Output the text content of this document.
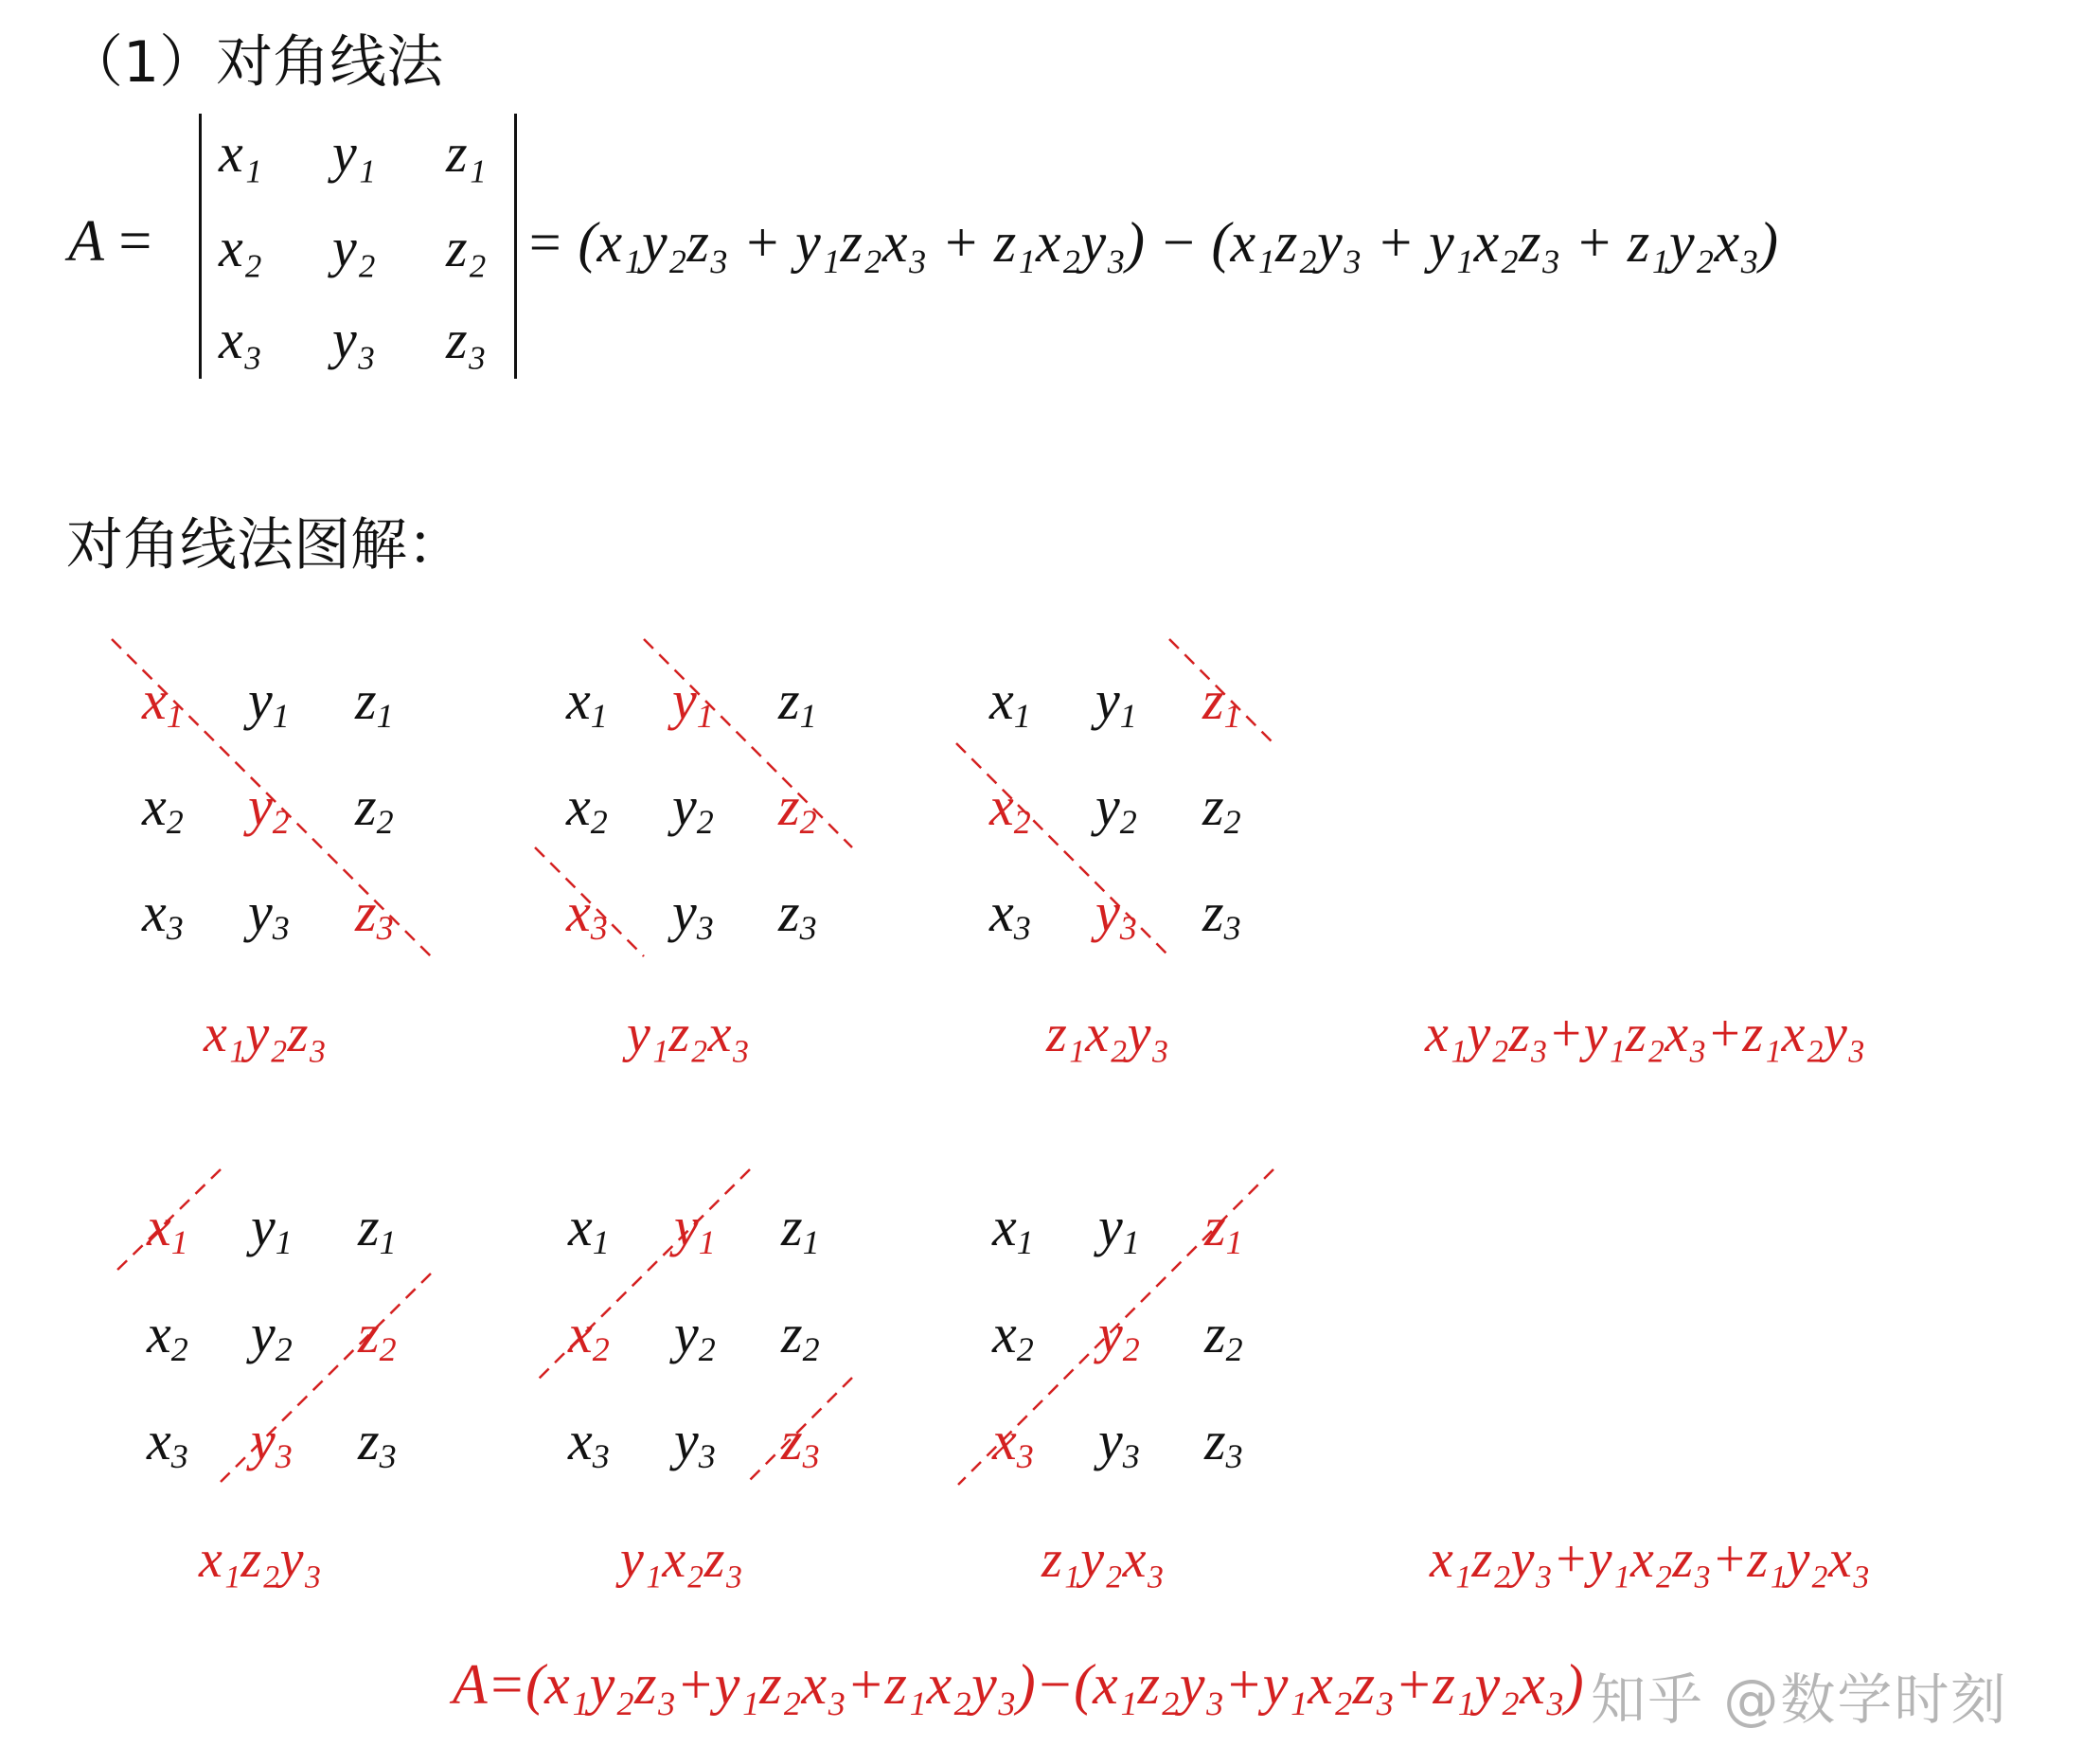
（1）对角线法
A =
x₁ y₁ z₁
x₂ y₂ z₂
x₃ y₃ z₃
= (x₁y₂z₃ + y₁z₂x₃ + z₁x₂y₃) − (x₁z₂y₃ + y₁x₂z₃ + z₁y₂x₃)
对角线法图解：
$x_1$ $y_1$ $z_1$
$x_2$ $y_2$ $z_2$
$x_3$ $y_3$ $z_3$
$x_1$ $y_1$ $z_1$
$x_2$ $y_2$ $z_2$
$x_3$ $y_3$ $z_3$
$x_1$ $y_1$ $z_1$
$x_2$ $y_2$ $z_2$
$x_3$ $y_3$ $z_3$
x₁y₂z₃	y₁z₂x₃	z₁x₂y₃	x₁y₂z₃+y₁z₂x₃+z₁x₂y₃
$x_1$ $y_1$ $z_1$
$x_2$ $y_2$ $z_2$
$x_3$ $y_3$ $z_3$
$x_1$ $y_1$ $z_1$
$x_2$ $y_2$ $z_2$
$x_3$ $y_3$ $z_3$
$x_1$ $y_1$ $z_1$
$x_2$ $y_2$ $z_2$
$x_3$ $y_3$ $z_3$
x₁z₂y₃	y₁x₂z₃	z₁y₂x₃	x₁z₂y₃+y₁x₂z₃+z₁y₂x₃
A=(x₁y₂z₃+y₁z₂x₃+z₁x₂y₃)−(x₁z₂y₃+y₁x₂z₃+z₁y₂x₃) 知乎 @数学时刻
